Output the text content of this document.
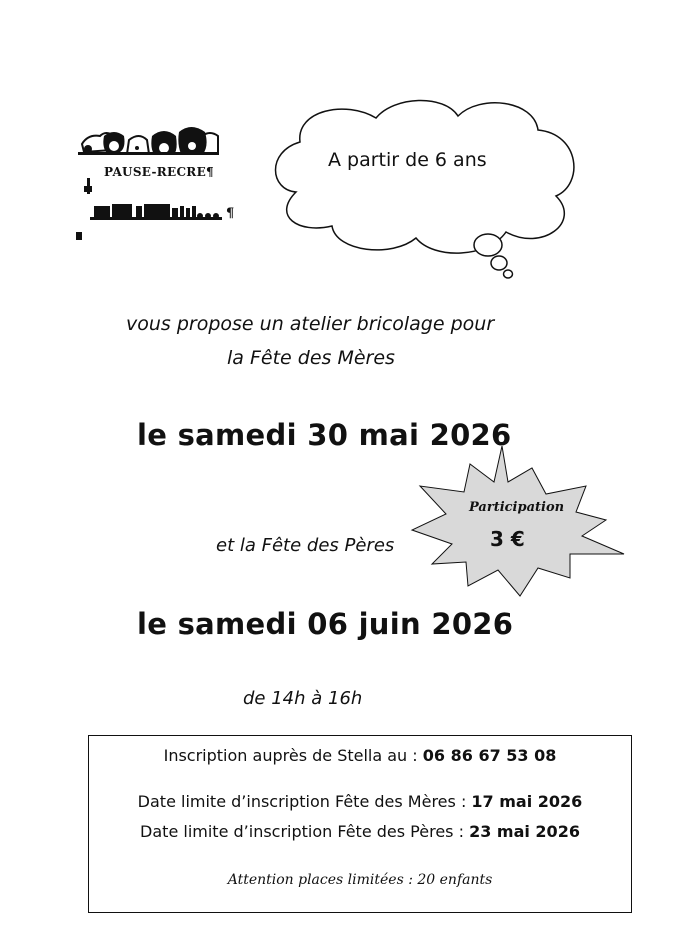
PAUSE-RECRE¶
¶
A partir de 6 ans
vous propose un atelier bricolage pour
la Fête des Mères
le samedi 30 mai 2026
Participation
3 €
et la Fête des Pères
le samedi 06 juin 2026
de 14h à 16h
Inscription auprès de Stella au : 06 86 67 53 08
Date limite d’inscription Fête des Mères : 17 mai 2026
Date limite d’inscription Fête des Pères : 23 mai 2026
Attention places limitées : 20 enfants
